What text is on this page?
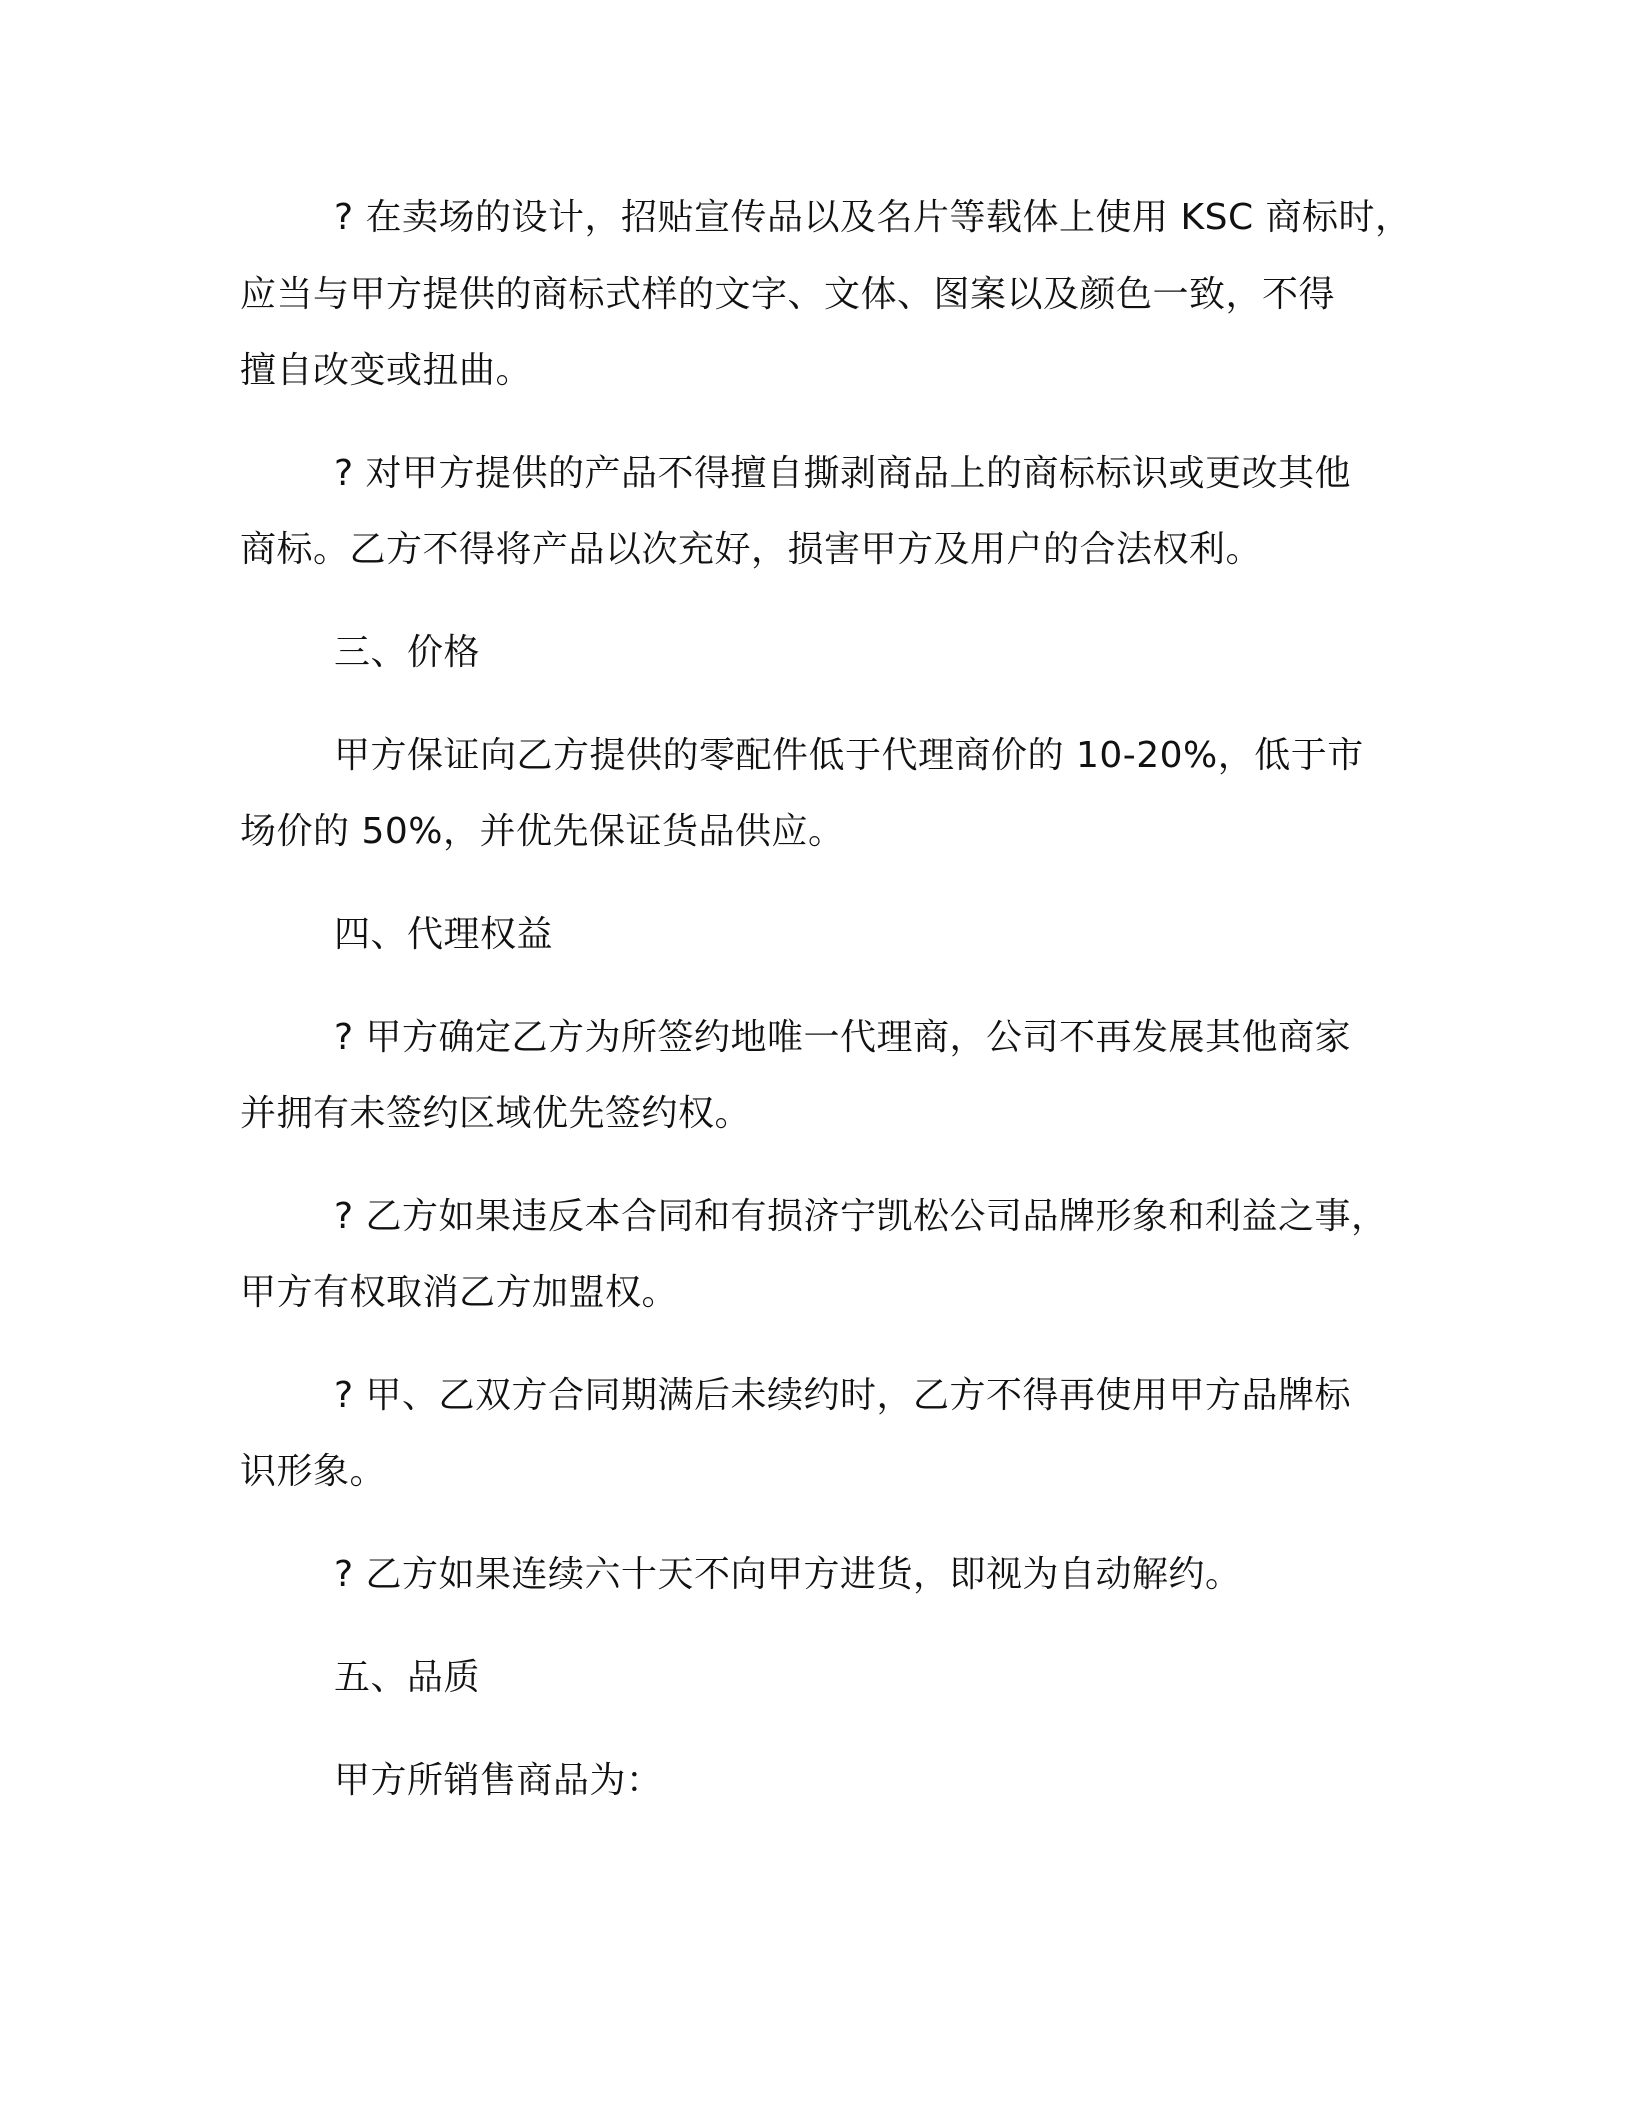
? 在卖场的设计，招贴宣传品以及名片等载体上使用 KSC 商标时，
应当与甲方提供的商标式样的文字、文体、图案以及颜色一致，不得
擅自改变或扭曲。
? 对甲方提供的产品不得擅自撕剥商品上的商标标识或更改其他
商标。乙方不得将产品以次充好，损害甲方及用户的合法权利。
三、价格
甲方保证向乙方提供的零配件低于代理商价的 10-20%，低于市
场价的 50%，并优先保证货品供应。
四、代理权益
? 甲方确定乙方为所签约地唯一代理商，公司不再发展其他商家
并拥有未签约区域优先签约权。
? 乙方如果违反本合同和有损济宁凯松公司品牌形象和利益之事，
甲方有权取消乙方加盟权。
? 甲、乙双方合同期满后未续约时，乙方不得再使用甲方品牌标
识形象。
? 乙方如果连续六十天不向甲方进货，即视为自动解约。
五、品质
甲方所销售商品为：
